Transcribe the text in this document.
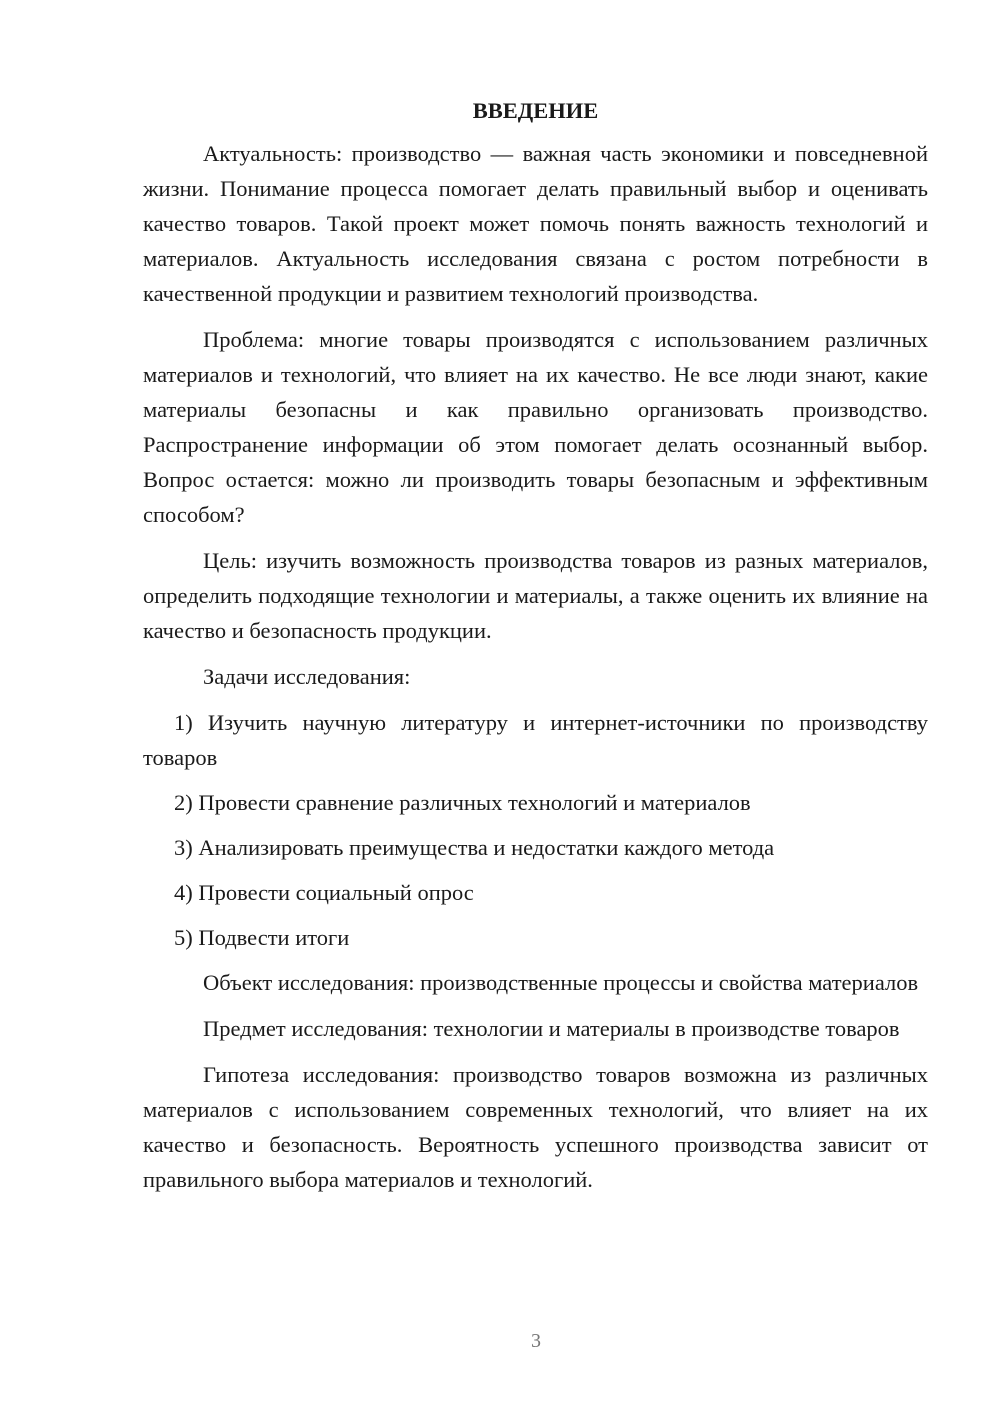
ВВЕДЕНИЕ

Актуальность: производство — важная часть экономики и повседневной жизни. Понимание процесса помогает делать правильный выбор и оценивать качество товаров. Такой проект может помочь понять важность технологий и материалов. Актуальность исследования связана с ростом потребности в качественной продукции и развитием технологий производства.

Проблема: многие товары производятся с использованием различных материалов и технологий, что влияет на их качество. Не все люди знают, какие материалы безопасны и как правильно организовать производство. Распространение информации об этом помогает делать осознанный выбор. Вопрос остается: можно ли производить товары безопасным и эффективным способом?

Цель: изучить возможность производства товаров из разных материалов, определить подходящие технологии и материалы, а также оценить их влияние на качество и безопасность продукции.

Задачи исследования:

1) Изучить научную литературу и интернет-источники по производству товаров

2) Провести сравнение различных технологий и материалов

3) Анализировать преимущества и недостатки каждого метода

4) Провести социальный опрос

5) Подвести итоги

Объект исследования: производственные процессы и свойства материалов

Предмет исследования: технологии и материалы в производстве товаров

Гипотеза исследования: производство товаров возможна из различных материалов с использованием современных технологий, что влияет на их качество и безопасность. Вероятность успешного производства зависит от правильного выбора материалов и технологий.

3
